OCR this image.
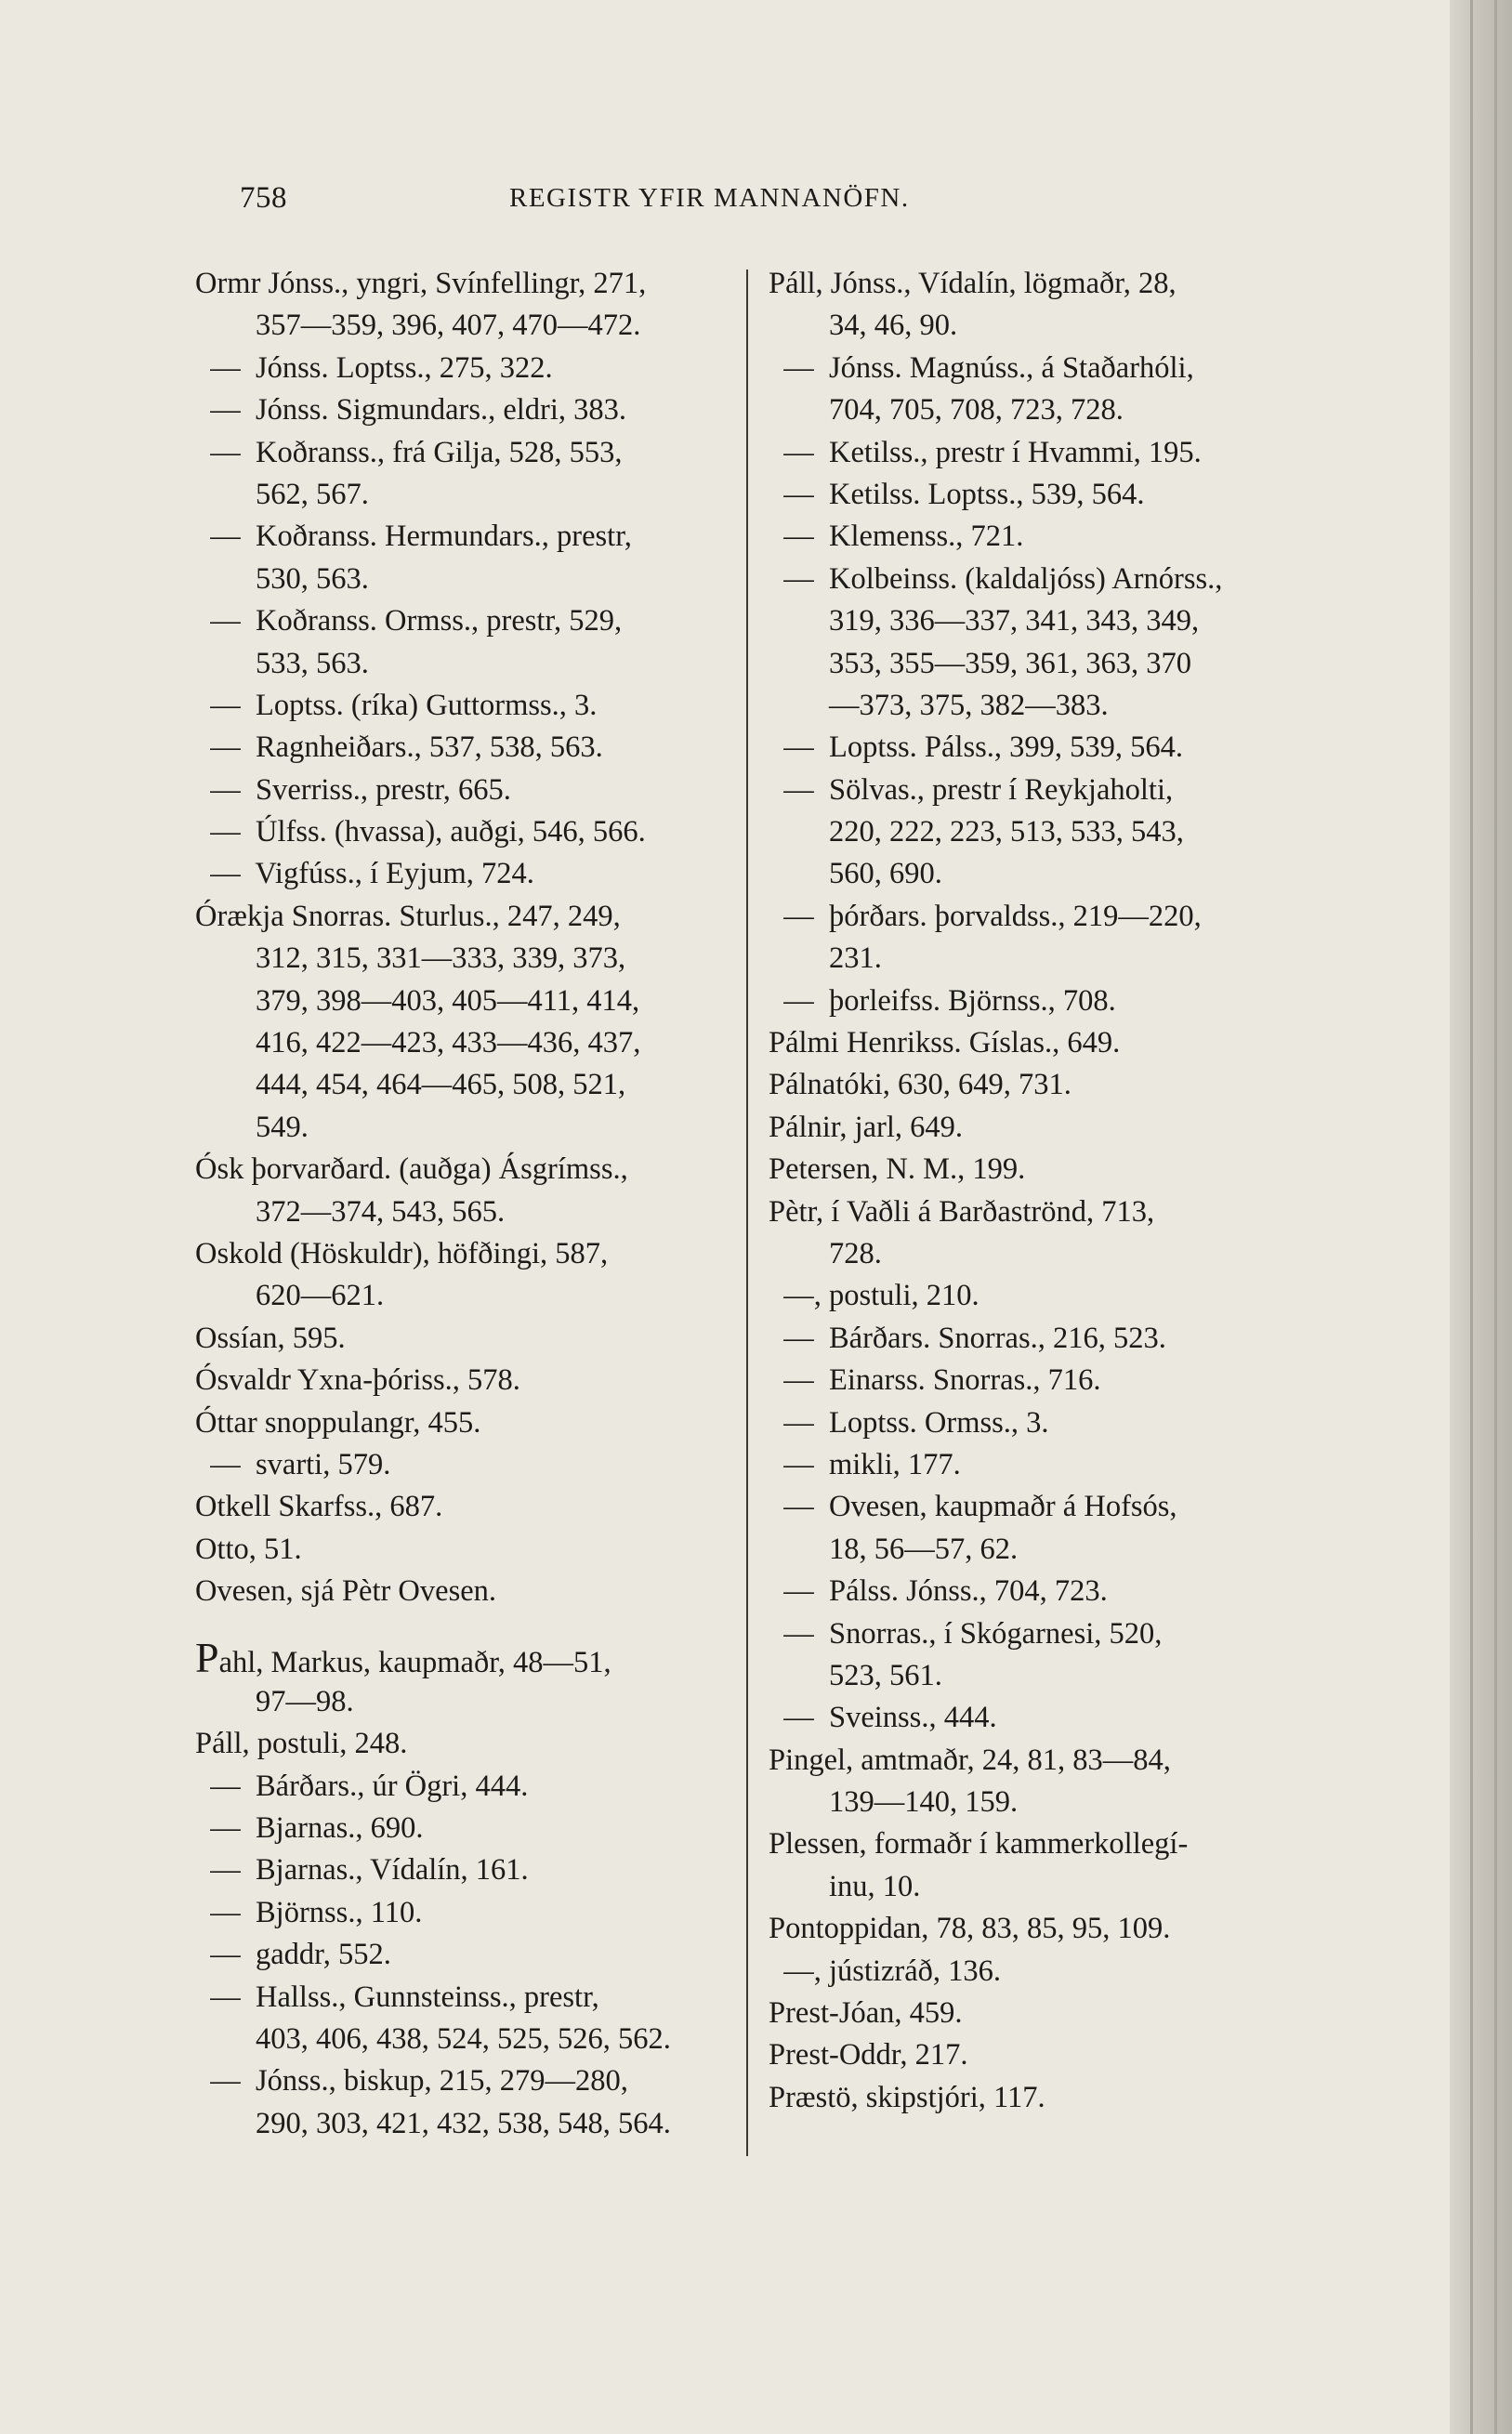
758	REGISTR YFIR MANNANÖFN.
Ormr Jónss., yngri, Svínfellingr, 271,
357—359, 396, 407, 470—472.
—  Jónss. Loptss., 275, 322.
—  Jónss. Sigmundars., eldri, 383.
—  Koðranss., frá Gilja, 528, 553,
562, 567.
—  Koðranss. Hermundars., prestr,
530, 563.
—  Koðranss. Ormss., prestr, 529,
533, 563.
—  Loptss. (ríka) Guttormss., 3.
—  Ragnheiðars., 537, 538, 563.
—  Sverriss., prestr, 665.
—  Úlfss. (hvassa), auðgi, 546, 566.
—  Vigfúss., í Eyjum, 724.
Órækja Snorras. Sturlus., 247, 249,
312, 315, 331—333, 339, 373,
379, 398—403, 405—411, 414,
416, 422—423, 433—436, 437,
444, 454, 464—465, 508, 521,
549.
Ósk þorvarðard. (auðga) Ásgrímss.,
372—374, 543, 565.
Oskold (Höskuldr), höfðingi, 587,
620—621.
Ossían, 595.
Ósvaldr Yxna-þóriss., 578.
Óttar snoppulangr, 455.
—  svarti, 579.
Otkell Skarfss., 687.
Otto, 51.
Ovesen, sjá Pètr Ovesen.
Pahl, Markus, kaupmaðr, 48—51,
97—98.
Páll, postuli, 248.
—  Bárðars., úr Ögri, 444.
—  Bjarnas., 690.
—  Bjarnas., Vídalín, 161.
—  Björnss., 110.
—  gaddr, 552.
—  Hallss., Gunnsteinss., prestr,
403, 406, 438, 524, 525, 526, 562.
—  Jónss., biskup, 215, 279—280,
290, 303, 421, 432, 538, 548, 564.
Páll, Jónss., Vídalín, lögmaðr, 28,
34, 46, 90.
—  Jónss. Magnúss., á Staðarhóli,
704, 705, 708, 723, 728.
—  Ketilss., prestr í Hvammi, 195.
—  Ketilss. Loptss., 539, 564.
—  Klemenss., 721.
—  Kolbeinss. (kaldaljóss) Arnórss.,
319, 336—337, 341, 343, 349,
353, 355—359, 361, 363, 370
—373, 375, 382—383.
—  Loptss. Pálss., 399, 539, 564.
—  Sölvas., prestr í Reykjaholti,
220, 222, 223, 513, 533, 543,
560, 690.
—  þórðars. þorvaldss., 219—220,
231.
—  þorleifss. Björnss., 708.
Pálmi Henrikss. Gíslas., 649.
Pálnatóki, 630, 649, 731.
Pálnir, jarl, 649.
Petersen, N. M., 199.
Pètr, í Vaðli á Barðaströnd, 713,
728.
—, postuli, 210.
—  Bárðars. Snorras., 216, 523.
—  Einarss. Snorras., 716.
—  Loptss. Ormss., 3.
—  mikli, 177.
—  Ovesen, kaupmaðr á Hofsós,
18, 56—57, 62.
—  Pálss. Jónss., 704, 723.
—  Snorras., í Skógarnesi, 520,
523, 561.
—  Sveinss., 444.
Pingel, amtmaðr, 24, 81, 83—84,
139—140, 159.
Plessen, formaðr í kammerkollegí-
inu, 10.
Pontoppidan, 78, 83, 85, 95, 109.
—, jústizráð, 136.
Prest-Jóan, 459.
Prest-Oddr, 217.
Præstö, skipstjóri, 117.
